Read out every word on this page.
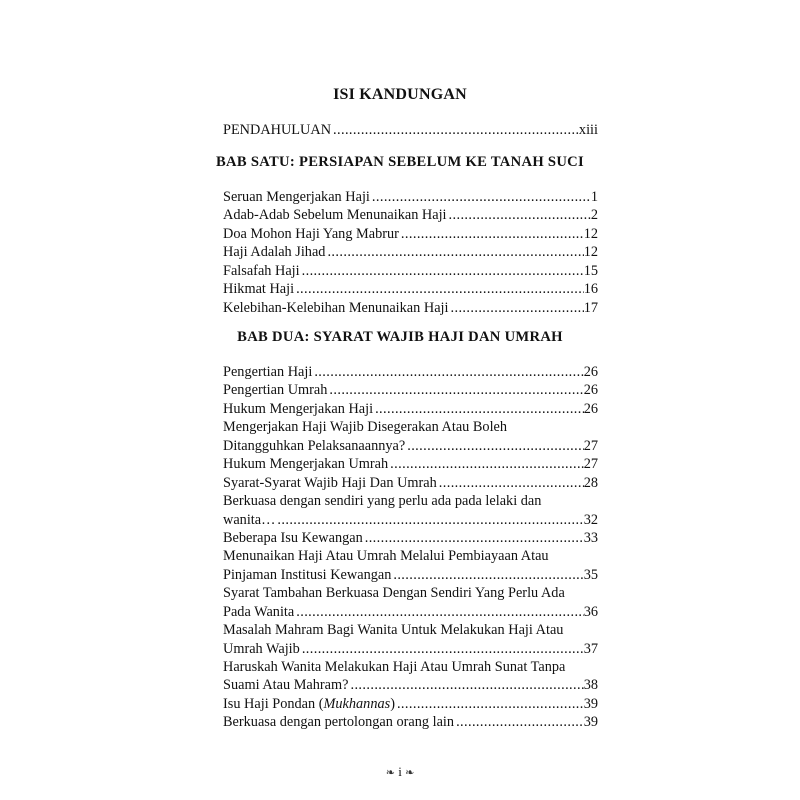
ISI KANDUNGAN
PENDAHULUAN .....	xiii
BAB SATU: PERSIAPAN SEBELUM KE TANAH SUCI
Seruan Mengerjakan Haji .....	1
Adab-Adab Sebelum Menunaikan Haji .....	2
Doa Mohon Haji Yang Mabrur .....	12
Haji Adalah Jihad .....	12
Falsafah Haji .....	15
Hikmat Haji .....	16
Kelebihan-Kelebihan Menunaikan Haji .....	17
BAB DUA: SYARAT WAJIB HAJI DAN UMRAH
Pengertian Haji .....	26
Pengertian Umrah .....	26
Hukum Mengerjakan Haji .....	26
Mengerjakan Haji Wajib Disegerakan Atau Boleh
Ditangguhkan Pelaksanaannya? .....	27
Hukum Mengerjakan Umrah .....	27
Syarat-Syarat Wajib Haji Dan Umrah .....	28
Berkuasa dengan sendiri yang perlu ada pada lelaki dan
wanita… .....	32
Beberapa Isu Kewangan .....	33
Menunaikan Haji Atau Umrah Melalui Pembiayaan Atau
Pinjaman Institusi Kewangan .....	35
Syarat Tambahan Berkuasa Dengan Sendiri Yang Perlu Ada
Pada Wanita .....	36
Masalah Mahram Bagi Wanita Untuk Melakukan Haji Atau
Umrah Wajib .....	37
Haruskah Wanita Melakukan Haji Atau Umrah Sunat Tanpa
Suami Atau Mahram? .....	38
Isu Haji Pondan (Mukhannas) .....	39
Berkuasa dengan pertolongan orang lain .....	39
❧ i ❧
